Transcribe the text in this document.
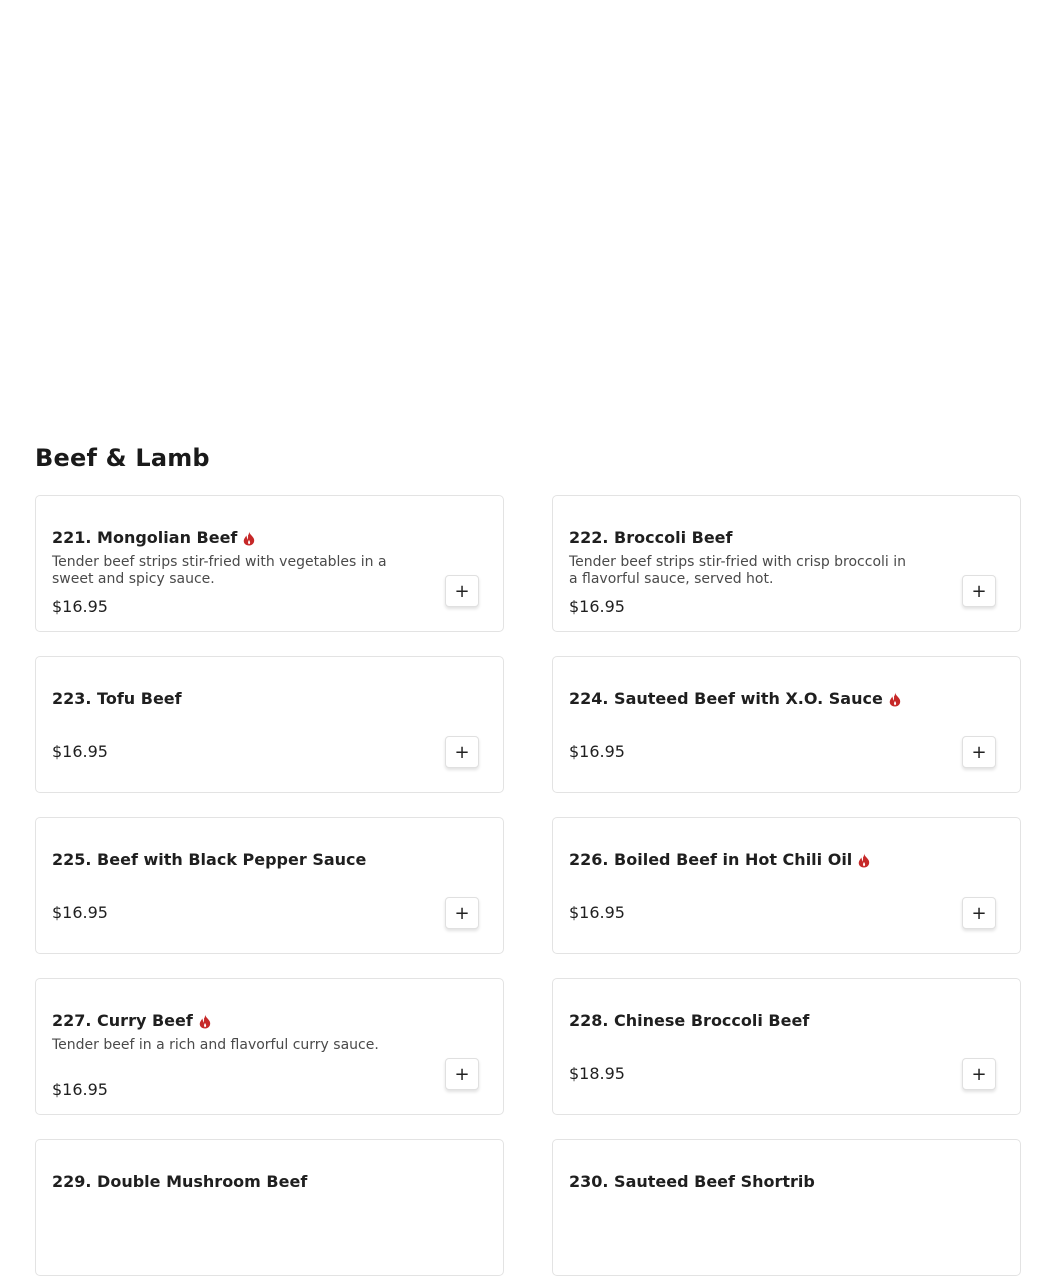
Beef & Lamb
221. Mongolian Beef
Tender beef strips stir-fried with vegetables in a sweet and spicy sauce.
$16.95
+
222. Broccoli Beef
Tender beef strips stir-fried with crisp broccoli in a flavorful sauce, served hot.
$16.95
+
223. Tofu Beef
$16.95	+
224. Sauteed Beef with X.O. Sauce
$16.95	+
225. Beef with Black Pepper Sauce
$16.95	+
226. Boiled Beef in Hot Chili Oil
$16.95	+
227. Curry Beef
Tender beef in a rich and flavorful curry sauce.
$16.95
+
228. Chinese Broccoli Beef
$18.95	+
229. Double Mushroom Beef	230. Sauteed Beef Shortrib
